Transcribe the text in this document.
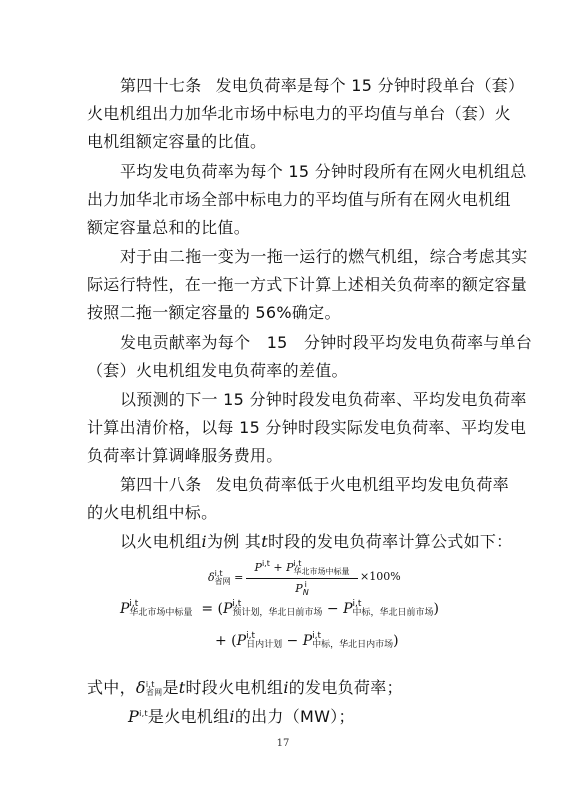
第四十七条 发电负荷率是每个 15 分钟时段单台（套）
火电机组出力加华北市场中标电力的平均值与单台（套）火
电机组额定容量的比值。

平均发电负荷率为每个 15 分钟时段所有在网火电机组总
出力加华北市场全部中标电力的平均值与所有在网火电机组
额定容量总和的比值。

对于由二拖一变为一拖一运行的燃气机组，综合考虑其实
际运行特性，在一拖一方式下计算上述相关负荷率的额定容量
按照二拖一额定容量的 56%确定。

发电贡献率为每个　15　分钟时段平均发电负荷率与单台
（套）火电机组发电负荷率的差值。

以预测的下一 15 分钟时段发电负荷率、平均发电负荷率
计算出清价格，以每 15 分钟时段实际发电负荷率、平均发电
负荷率计算调峰服务费用。

第四十八条 发电负荷率低于火电机组平均发电负荷率
的火电机组中标。

以火电机组i为例 其t时段的发电负荷率计算公式如下：

δ i,t
省网 =
P$^{i,t}$ + P i,t
华北市场中标量
P i
N
×100%
P i,t
华北市场中标量 = (P i,t
预计划，华北日前市场 − P i,t
中标，华北日前市场 )
+ (P i,t
日内计划 − P i,t
中标，华北日内市场 )

式中，δ i,t
省网 是t时段火电机组i的发电负荷率；

P$^{i,t}$是火电机组i的出力（MW）；

17
